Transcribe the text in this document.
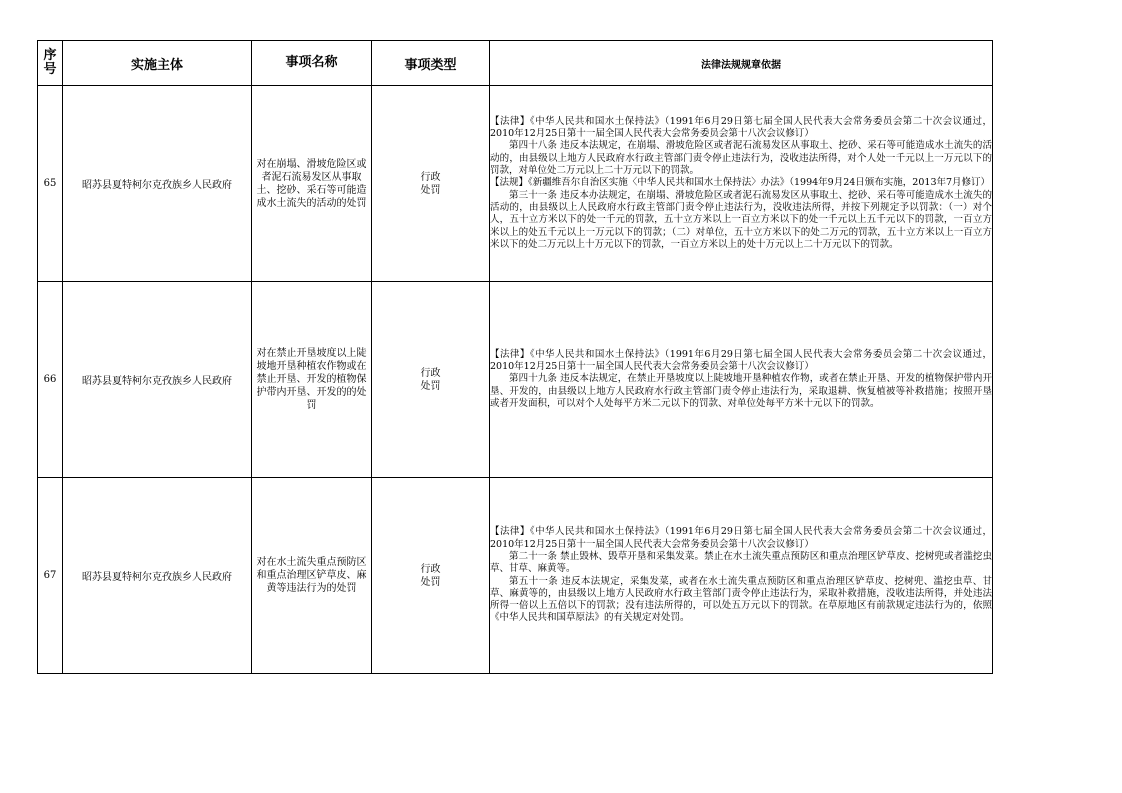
序号	实施主体	事项名称	事项类型	法律法规规章依据
65	昭苏县夏特柯尔克孜族乡人民政府	对在崩塌、滑坡危险区或者泥石流易发区从事取土、挖砂、采石等可能造成水土流失的活动的处罚	行政处罚	【法律】《中华人民共和国水土保持法》（1991年6月29日第七届全国人民代表大会常务委员会第二十次会议通过，2010年12月25日第十一届全国人民代表大会常务委员会第十八次会议修订）
第四十八条 违反本法规定，在崩塌、滑坡危险区或者泥石流易发区从事取土、挖砂、采石等可能造成水土流失的活动的，由县级以上地方人民政府水行政主管部门责令停止违法行为，没收违法所得，对个人处一千元以上一万元以下的罚款，对单位处二万元以上二十万元以下的罚款。
【法规】《新疆维吾尔自治区实施〈中华人民共和国水土保持法〉办法》（1994年9月24日颁布实施，2013年7月修订）
第三十一条 违反本办法规定，在崩塌、滑坡危险区或者泥石流易发区从事取土、挖砂、采石等可能造成水土流失的活动的，由县级以上人民政府水行政主管部门责令停止违法行为，没收违法所得，并按下列规定予以罚款：（一）对个人，五十立方米以下的处一千元的罚款，五十立方米以上一百立方米以下的处一千元以上五千元以下的罚款，一百立方米以上的处五千元以上一万元以下的罚款；（二）对单位，五十立方米以下的处二万元的罚款，五十立方米以上一百立方米以下的处二万元以上十万元以下的罚款，一百立方米以上的处十万元以上二十万元以下的罚款。

66	昭苏县夏特柯尔克孜族乡人民政府	对在禁止开垦坡度以上陡坡地开垦种植农作物或在禁止开垦、开发的植物保护带内开垦、开发的的处罚	行政处罚	【法律】《中华人民共和国水土保持法》（1991年6月29日第七届全国人民代表大会常务委员会第二十次会议通过，2010年12月25日第十一届全国人民代表大会常务委员会第十八次会议修订）
第四十九条 违反本法规定，在禁止开垦坡度以上陡坡地开垦种植农作物，或者在禁止开垦、开发的植物保护带内开垦、开发的，由县级以上地方人民政府水行政主管部门责令停止违法行为，采取退耕、恢复植被等补救措施；按照开垦或者开发面积，可以对个人处每平方米二元以下的罚款、对单位处每平方米十元以下的罚款。

67	昭苏县夏特柯尔克孜族乡人民政府	对在水土流失重点预防区和重点治理区铲草皮、麻黄等违法行为的处罚	行政处罚	【法律】《中华人民共和国水土保持法》（1991年6月29日第七届全国人民代表大会常务委员会第二十次会议通过，2010年12月25日第十一届全国人民代表大会常务委员会第十八次会议修订）
第二十一条 禁止毁林、毁草开垦和采集发菜。禁止在水土流失重点预防区和重点治理区铲草皮、挖树兜或者滥挖虫草、甘草、麻黄等。
第五十一条 违反本法规定，采集发菜，或者在水土流失重点预防区和重点治理区铲草皮、挖树兜、滥挖虫草、甘草、麻黄等的，由县级以上地方人民政府水行政主管部门责令停止违法行为，采取补救措施，没收违法所得，并处违法所得一倍以上五倍以下的罚款；没有违法所得的，可以处五万元以下的罚款。在草原地区有前款规定违法行为的，依照《中华人民共和国草原法》的有关规定对处罚。
